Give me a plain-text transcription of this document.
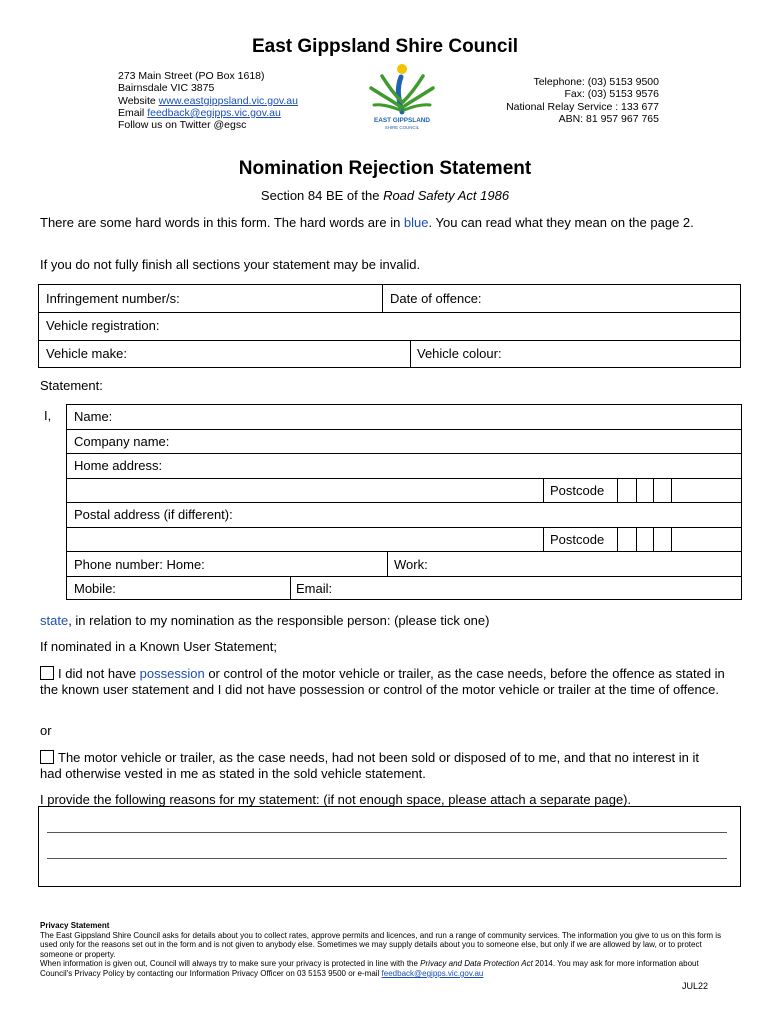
East Gippsland Shire Council
273 Main Street (PO Box 1618)
Bairnsdale VIC 3875
Website www.eastgippsland.vic.gov.au
Email feedback@egipps.vic.gov.au
Follow us on Twitter @egsc	EAST GIPPSLAND
SHIRE COUNCIL
Telephone: (03) 5153 9500
Fax: (03) 5153 9576
National Relay Service : 133 677
ABN: 81 957 967 765
Nomination Rejection Statement
Section 84 BE of the Road Safety Act 1986
There are some hard words in this form. The hard words are in blue. You can read what they mean on the page 2.
If you do not fully finish all sections your statement may be invalid.
Infringement number/s:	Date of offence:
Vehicle registration:
Vehicle make:	Vehicle colour:
Statement:
I, Name:
Company name:
Home address:
Postcode
Postal address (if different):
Postcode
Phone number: Home:	Work:
Mobile:	Email:
state, in relation to my nomination as the responsible person: (please tick one)
If nominated in a Known User Statement;
I did not have possession or control of the motor vehicle or trailer, as the case needs, before the offence as stated in the known user statement and I did not have possession or control of the motor vehicle or trailer at the time of offence.
or
The motor vehicle or trailer, as the case needs, had not been sold or disposed of to me, and that no interest in it had otherwise vested in me as stated in the sold vehicle statement.
I provide the following reasons for my statement: (if not enough space, please attach a separate page).
Privacy Statement
The East Gippsland Shire Council asks for details about you to collect rates, approve permits and licences, and run a range of community services. The information you give to us on this form is used only for the reasons set out in the form and is not given to anybody else. Sometimes we may supply details about you to someone else, but only if we are allowed by law, or to protect someone or property.
When information is given out, Council will always try to make sure your privacy is protected in line with the Privacy and Data Protection Act 2014. You may ask for more information about Council's Privacy Policy by contacting our Information Privacy Officer on 03 5153 9500 or e-mail feedback@egipps.vic.gov.au
JUL22
